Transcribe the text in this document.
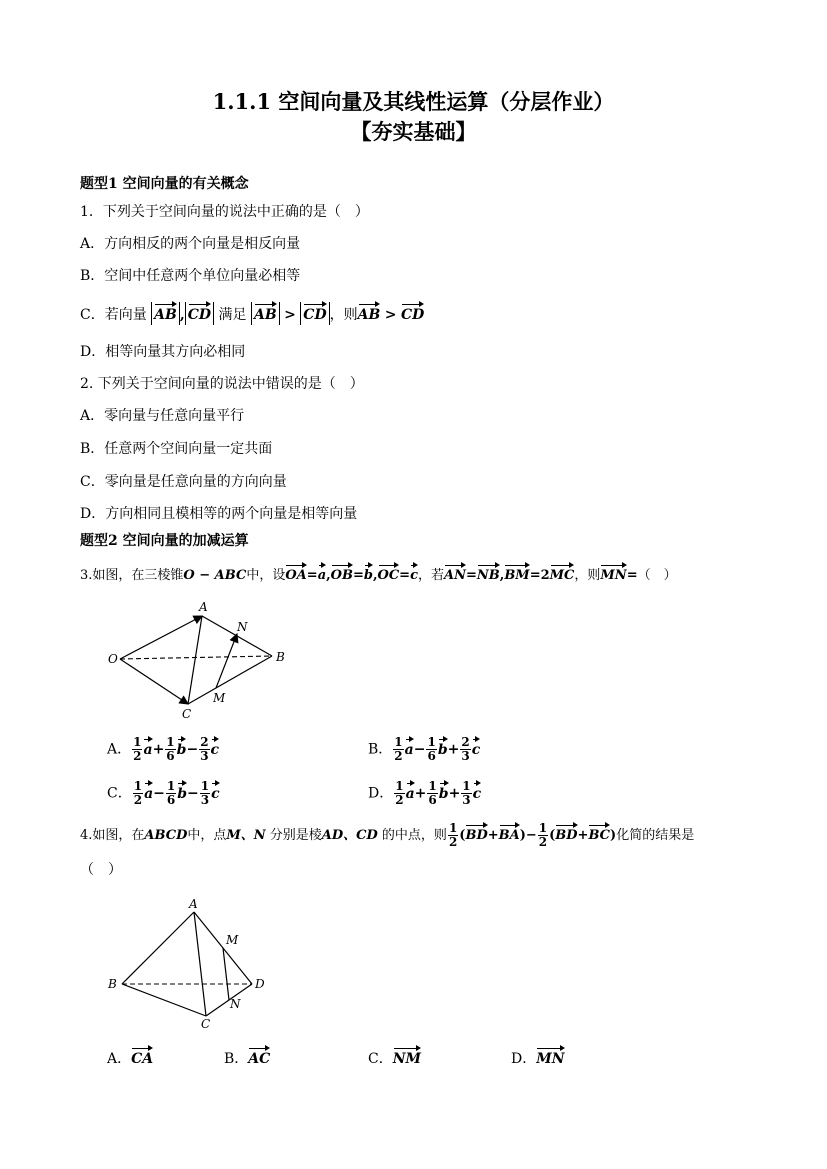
1.1.1 空间向量及其线性运算（分层作业）
【夯实基础】
题型1 空间向量的有关概念
1．下列关于空间向量的说法中正确的是（　）
A．方向相反的两个向量是相反向量
B．空间中任意两个单位向量必相等
C．若向量 AB , CD 满足 AB > CD ，则AB > CD
D．相等向量其方向必相同
2. 下列关于空间向量的说法中错误的是（　）
A．零向量与任意向量平行
B．任意两个空间向量一定共面
C．零向量是任意向量的方向向量
D．方向相同且模相等的两个向量是相等向量
题型2 空间向量的加减运算
3.如图，在三棱锥O − ABC中，设OA=a,OB=b,OC=c，若AN=NB,BM=2MC，则MN=（　）
O
A
B
C
M
N
A． $\frac{1}{2} a+ \frac{1}{6} b- \frac{2}{3}$ c	B． $\frac{1}{2} a- \frac{1}{6} b+ \frac{2}{3}$ c
C． $\frac{1}{2} a- \frac{1}{6} b- \frac{1}{3}$ c	D． $\frac{1}{2} a+ \frac{1}{6} b+ \frac{1}{3}$ c
4.如图，在ABCD中，点M、N 分别是棱AD、CD 的中点，则 $\frac{1}{2} (BD+BA)- \frac{1}{2} (BD+BC)$化简的结果是
（　）
A
B
C
D
M
N
A．CA	B．AC	C．NM	D．MN
